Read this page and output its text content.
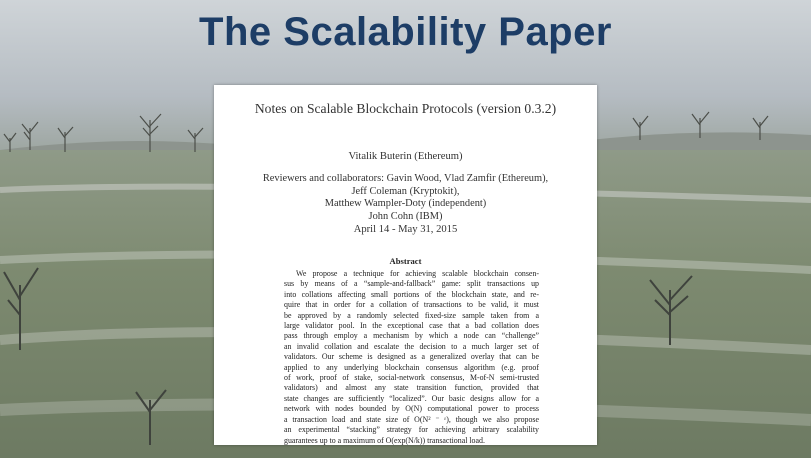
The Scalability Paper
Notes on Scalable Blockchain Protocols (version 0.3.2)
Vitalik Buterin (Ethereum)
Reviewers and collaborators: Gavin Wood, Vlad Zamfir (Ethereum),
Jeff Coleman (Kryptokit),
Matthew Wampler-Doty (independent)
John Cohn (IBM)
April 14 - May 31, 2015
Abstract
We propose a technique for achieving scalable blockchain consen-
sus by means of a “sample-and-fallback” game: split transactions up
into collations affecting small portions of the blockchain state, and re-
quire that in order for a collation of transactions to be valid, it must
be approved by a randomly selected fixed-size sample taken from a
large validator pool. In the exceptional case that a bad collation does
pass through employ a mechanism by which a node can “challenge”
an invalid collation and escalate the decision to a much larger set of
validators. Our scheme is designed as a generalized overlay that can be
applied to any underlying blockchain consensus algorithm (e.g. proof
of work, proof of stake, social-network consensus, M-of-N semi-trusted
validators) and almost any state transition function, provided that
state changes are sufficiently “localized”. Our basic designs allow for a
network with nodes bounded by O(N) computational power to process
a transaction load and state size of O(N² ⁻ ᵋ), though we also propose
an experimental “stacking” strategy for achieving arbitrary scalability
guarantees up to a maximum of O(exp(N/k)) transactional load.
